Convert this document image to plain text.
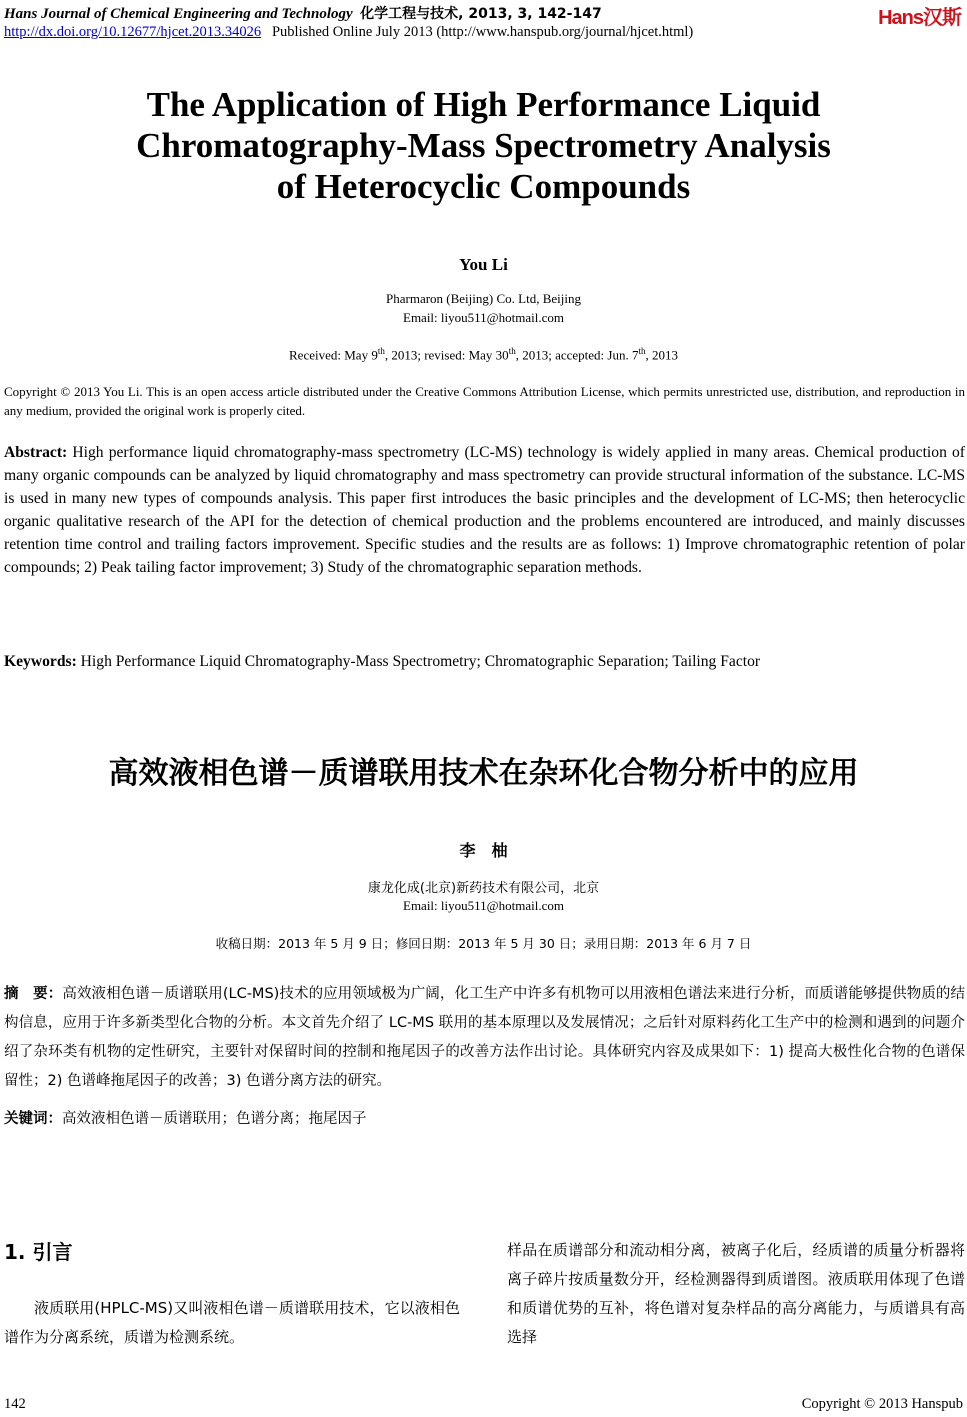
Hans Journal of Chemical Engineering and Technology 化学工程与技术, 2013, 3, 142-147
http://dx.doi.org/10.12677/hjcet.2013.34026 Published Online July 2013 (http://www.hanspub.org/journal/hjcet.html)
Hans汉斯
The Application of High Performance Liquid
Chromatography-Mass Spectrometry Analysis
of Heterocyclic Compounds
You Li
Pharmaron (Beijing) Co. Ltd, Beijing
Email: liyou511@hotmail.com
Received: May 9th, 2013; revised: May 30th, 2013; accepted: Jun. 7th, 2013
Copyright © 2013 You Li. This is an open access article distributed under the Creative Commons Attribution License, which permits unrestricted use, distribution, and reproduction in any medium, provided the original work is properly cited.
Abstract: High performance liquid chromatography-mass spectrometry (LC-MS) technology is widely applied in many areas. Chemical production of many organic compounds can be analyzed by liquid chromatography and mass spectrometry can provide structural information of the substance. LC-MS is used in many new types of compounds analysis. This paper first introduces the basic principles and the development of LC-MS; then heterocyclic organic qualitative research of the API for the detection of chemical production and the problems encountered are introduced, and mainly discusses retention time control and trailing factors improvement. Specific studies and the results are as follows: 1) Improve chromatographic retention of polar compounds; 2) Peak tailing factor improvement; 3) Study of the chromatographic separation methods.
Keywords: High Performance Liquid Chromatography-Mass Spectrometry; Chromatographic Separation; Tailing Factor
高效液相色谱－质谱联用技术在杂环化合物分析中的应用
李　柚
康龙化成(北京)新药技术有限公司，北京
Email: liyou511@hotmail.com
收稿日期：2013 年 5 月 9 日；修回日期：2013 年 5 月 30 日；录用日期：2013 年 6 月 7 日
摘　要：高效液相色谱－质谱联用(LC-MS)技术的应用领域极为广阔，化工生产中许多有机物可以用液相色谱法来进行分析，而质谱能够提供物质的结构信息，应用于许多新类型化合物的分析。本文首先介绍了 LC-MS 联用的基本原理以及发展情况；之后针对原料药化工生产中的检测和遇到的问题介绍了杂环类有机物的定性研究，主要针对保留时间的控制和拖尾因子的改善方法作出讨论。具体研究内容及成果如下：1) 提高大极性化合物的色谱保留性；2) 色谱峰拖尾因子的改善；3) 色谱分离方法的研究。
关键词：高效液相色谱－质谱联用；色谱分离；拖尾因子
1. 引言
液质联用(HPLC-MS)又叫液相色谱－质谱联用技术，它以液相色谱作为分离系统，质谱为检测系统。
样品在质谱部分和流动相分离，被离子化后，经质谱的质量分析器将离子碎片按质量数分开，经检测器得到质谱图。液质联用体现了色谱和质谱优势的互补，将色谱对复杂样品的高分离能力，与质谱具有高选择
142	Copyright © 2013 Hanspub
